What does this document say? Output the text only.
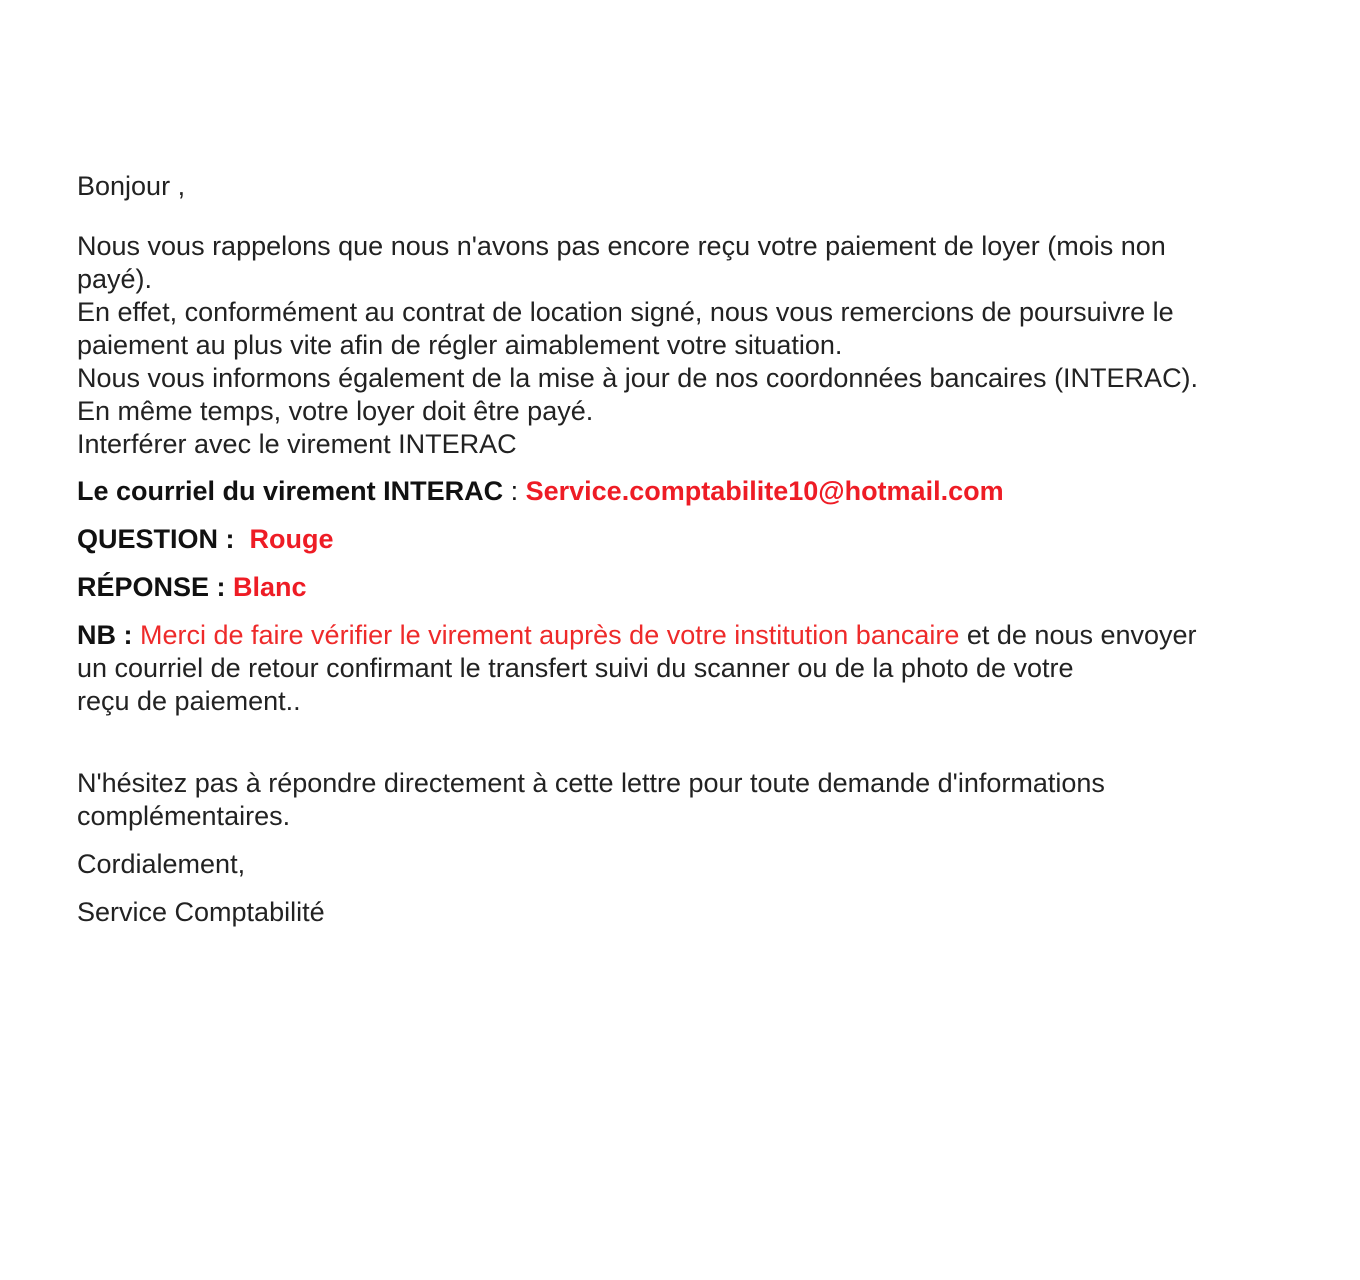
Bonjour ,
Nous vous rappelons que nous n'avons pas encore reçu votre paiement de loyer (mois non
payé).
En effet, conformément au contrat de location signé, nous vous remercions de poursuivre le
paiement au plus vite afin de régler aimablement votre situation.
Nous vous informons également de la mise à jour de nos coordonnées bancaires (INTERAC).
En même temps, votre loyer doit être payé.
Interférer avec le virement INTERAC
Le courriel du virement INTERAC : Service.comptabilite10@hotmail.com
QUESTION :  Rouge
RÉPONSE : Blanc
NB : Merci de faire vérifier le virement auprès de votre institution bancaire et de nous envoyer
un courriel de retour confirmant le transfert suivi du scanner ou de la photo de votre
reçu de paiement..
N'hésitez pas à répondre directement à cette lettre pour toute demande d'informations
complémentaires.
Cordialement,
Service Comptabilité
